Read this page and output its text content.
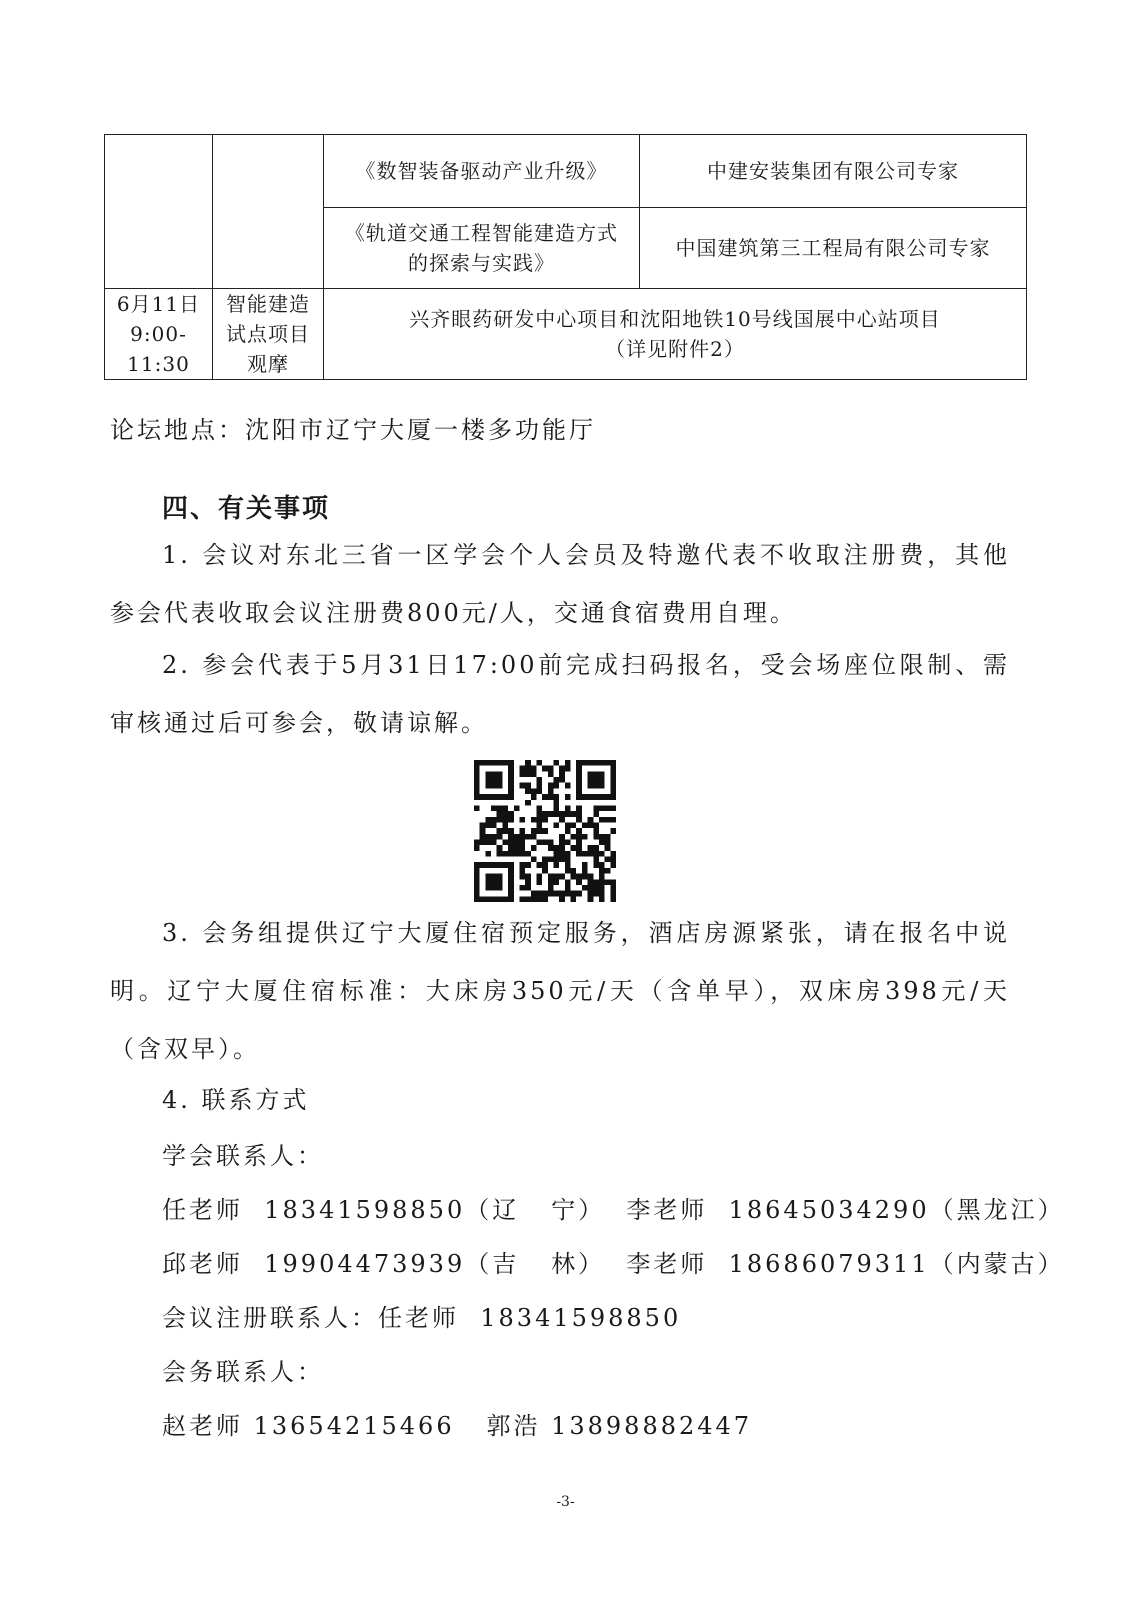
		《数智装备驱动产业升级》	中建安装集团有限公司专家
		《轨道交通工程智能建造方式
的探索与实践》	中国建筑第三工程局有限公司专家
6月11日
9:00-
11:30	智能建造
试点项目
观摩	兴齐眼药研发中心项目和沈阳地铁10号线国展中心站项目
（详见附件2）	
论坛地点：沈阳市辽宁大厦一楼多功能厅
四、有关事项
1. 会议对东北三省一区学会个人会员及特邀代表不收取注册费，其他参会代表收取会议注册费800元/人，交通食宿费用自理。
2. 参会代表于5月31日17:00前完成扫码报名，受会场座位限制、需审核通过后可参会，敬请谅解。
3. 会务组提供辽宁大厦住宿预定服务，酒店房源紧张，请在报名中说明。辽宁大厦住宿标准：大床房350元/天（含单早），双床房398元/天（含双早）。
4. 联系方式
学会联系人：
任老师  18341598850（辽   宁）  李老师  18645034290（黑龙江）
邱老师  19904473939（吉   林）  李老师  18686079311（内蒙古）
会议注册联系人：任老师  18341598850
会务联系人：
赵老师 13654215466   郭浩 13898882447
-3-
